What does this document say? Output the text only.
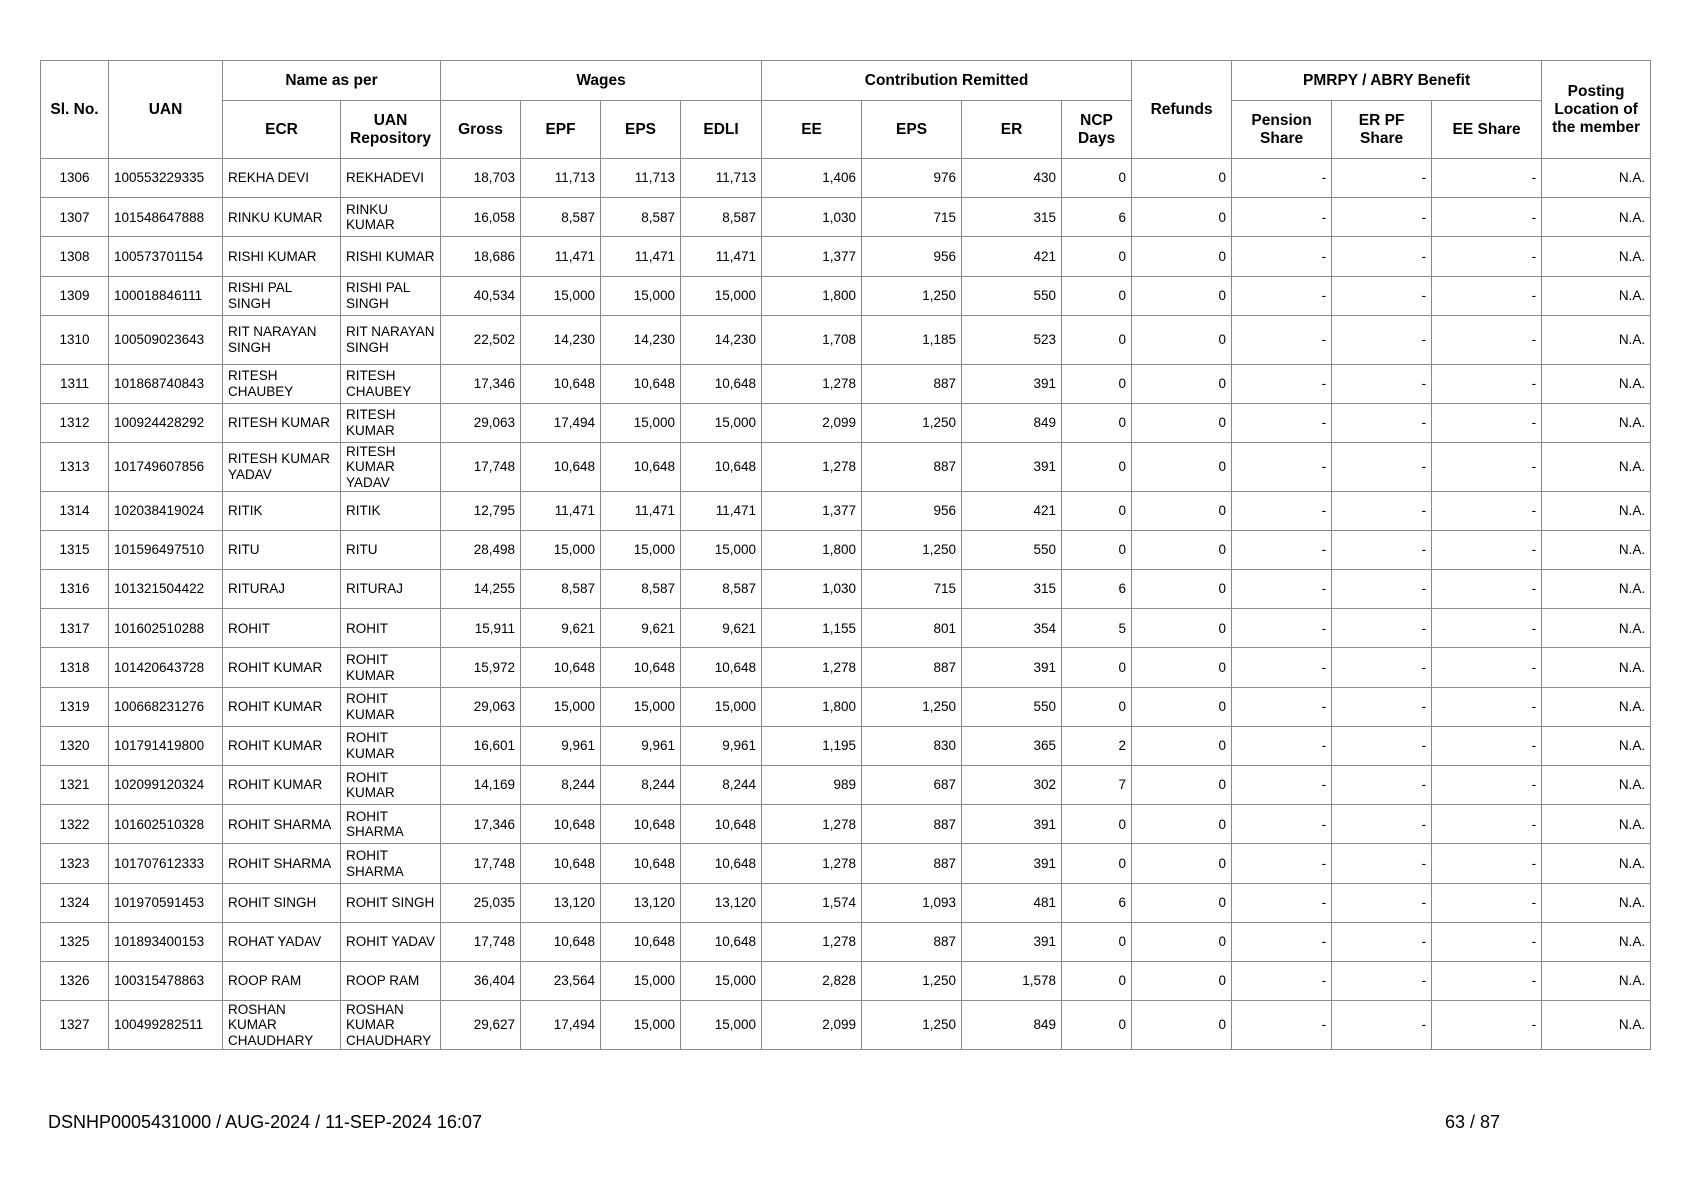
Sl. No.	UAN	Name as per		Wages				Contribution Remitted				Refunds	PMRPY / ABRY Benefit			Posting
Location of the member
		ECR	UAN Repository	Gross	EPF	EPS	EDLI	EE	EPS	ER	NCP Days		Pension Share	ER PF Share	EE Share	
1306	100553229335	REKHA DEVI	REKHADEVI	18,703	11,713	11,713	11,713	1,406	976	430	0	0	-	-	-	N.A.
1307	101548647888	RINKU KUMAR	RINKU KUMAR	16,058	8,587	8,587	8,587	1,030	715	315	6	0	-	-	-	N.A.
1308	100573701154	RISHI KUMAR	RISHI KUMAR	18,686	11,471	11,471	11,471	1,377	956	421	0	0	-	-	-	N.A.
1309	100018846111	RISHI PAL SINGH	RISHI PAL SINGH	40,534	15,000	15,000	15,000	1,800	1,250	550	0	0	-	-	-	N.A.
1310	100509023643	RIT NARAYAN SINGH	RIT NARAYAN SINGH	22,502	14,230	14,230	14,230	1,708	1,185	523	0	0	-	-	-	N.A.
1311	101868740843	RITESH CHAUBEY	RITESH CHAUBEY	17,346	10,648	10,648	10,648	1,278	887	391	0	0	-	-	-	N.A.
1312	100924428292	RITESH KUMAR	RITESH KUMAR	29,063	17,494	15,000	15,000	2,099	1,250	849	0	0	-	-	-	N.A.
1313	101749607856	RITESH KUMAR YADAV	RITESH KUMAR YADAV	17,748	10,648	10,648	10,648	1,278	887	391	0	0	-	-	-	N.A.
1314	102038419024	RITIK	RITIK	12,795	11,471	11,471	11,471	1,377	956	421	0	0	-	-	-	N.A.
1315	101596497510	RITU	RITU	28,498	15,000	15,000	15,000	1,800	1,250	550	0	0	-	-	-	N.A.
1316	101321504422	RITURAJ	RITURAJ	14,255	8,587	8,587	8,587	1,030	715	315	6	0	-	-	-	N.A.
1317	101602510288	ROHIT	ROHIT	15,911	9,621	9,621	9,621	1,155	801	354	5	0	-	-	-	N.A.
1318	101420643728	ROHIT KUMAR	ROHIT KUMAR	15,972	10,648	10,648	10,648	1,278	887	391	0	0	-	-	-	N.A.
1319	100668231276	ROHIT KUMAR	ROHIT KUMAR	29,063	15,000	15,000	15,000	1,800	1,250	550	0	0	-	-	-	N.A.
1320	101791419800	ROHIT KUMAR	ROHIT KUMAR	16,601	9,961	9,961	9,961	1,195	830	365	2	0	-	-	-	N.A.
1321	102099120324	ROHIT KUMAR	ROHIT KUMAR	14,169	8,244	8,244	8,244	989	687	302	7	0	-	-	-	N.A.
1322	101602510328	ROHIT SHARMA	ROHIT SHARMA	17,346	10,648	10,648	10,648	1,278	887	391	0	0	-	-	-	N.A.
1323	101707612333	ROHIT SHARMA	ROHIT SHARMA	17,748	10,648	10,648	10,648	1,278	887	391	0	0	-	-	-	N.A.
1324	101970591453	ROHIT SINGH	ROHIT SINGH	25,035	13,120	13,120	13,120	1,574	1,093	481	6	0	-	-	-	N.A.
1325	101893400153	ROHAT YADAV	ROHIT YADAV	17,748	10,648	10,648	10,648	1,278	887	391	0	0	-	-	-	N.A.
1326	100315478863	ROOP RAM	ROOP RAM	36,404	23,564	15,000	15,000	2,828	1,250	1,578	0	0	-	-	-	N.A.
1327	100499282511	ROSHAN KUMAR CHAUDHARY	ROSHAN KUMAR CHAUDHARY	29,627	17,494	15,000	15,000	2,099	1,250	849	0	0	-	-	-	N.A.
DSNHP0005431000 / AUG-2024 / 11-SEP-2024 16:07	63 / 87
